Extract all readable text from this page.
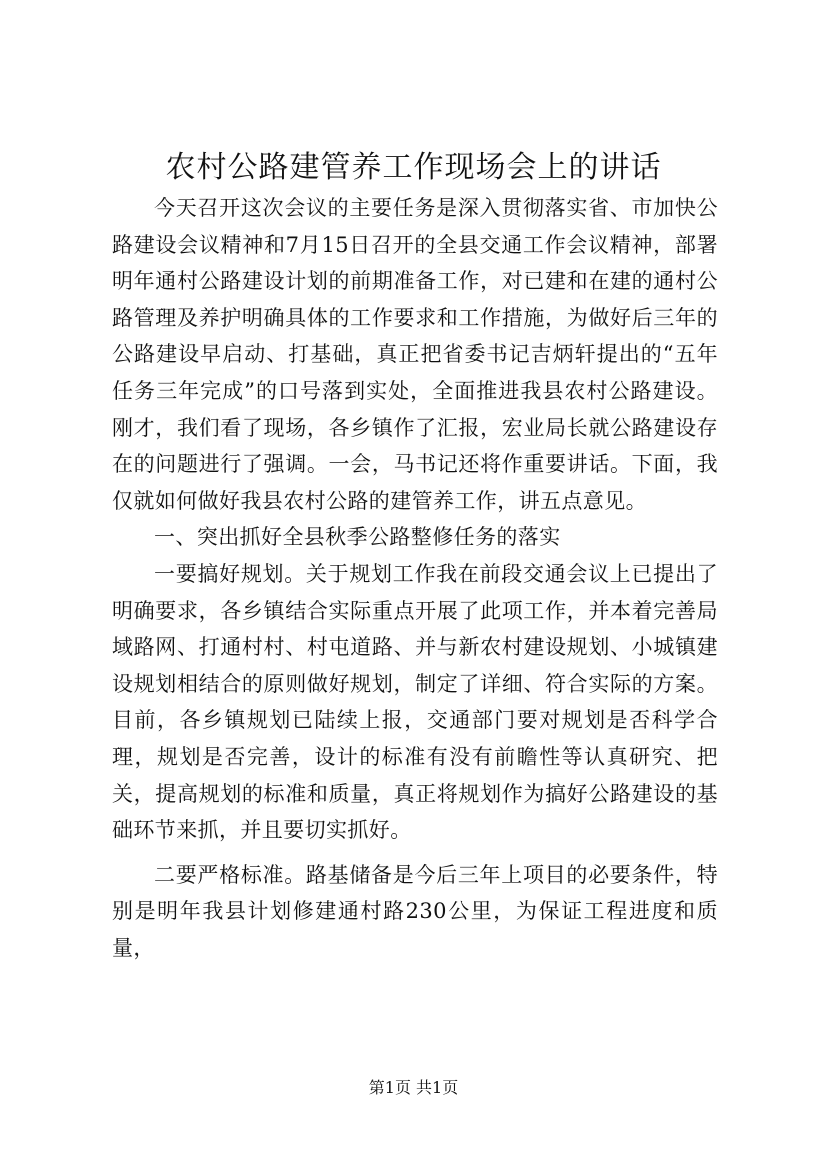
农村公路建管养工作现场会上的讲话

今天召开这次会议的主要任务是深入贯彻落实省、市加快公路建设会议精神和7月15日召开的全县交通工作会议精神，部署明年通村公路建设计划的前期准备工作，对已建和在建的通村公路管理及养护明确具体的工作要求和工作措施，为做好后三年的公路建设早启动、打基础，真正把省委书记吉炳轩提出的“五年任务三年完成”的口号落到实处，全面推进我县农村公路建设。刚才，我们看了现场，各乡镇作了汇报，宏业局长就公路建设存在的问题进行了强调。一会，马书记还将作重要讲话。下面，我仅就如何做好我县农村公路的建管养工作，讲五点意见。

一、突出抓好全县秋季公路整修任务的落实

一要搞好规划。关于规划工作我在前段交通会议上已提出了明确要求，各乡镇结合实际重点开展了此项工作，并本着完善局域路网、打通村村、村屯道路、并与新农村建设规划、小城镇建设规划相结合的原则做好规划，制定了详细、符合实际的方案。目前，各乡镇规划已陆续上报，交通部门要对规划是否科学合理，规划是否完善，设计的标准有没有前瞻性等认真研究、把关，提高规划的标准和质量，真正将规划作为搞好公路建设的基础环节来抓，并且要切实抓好。

二要严格标准。路基储备是今后三年上项目的必要条件，特别是明年我县计划修建通村路230公里，为保证工程进度和质量，

第1页 共1页
